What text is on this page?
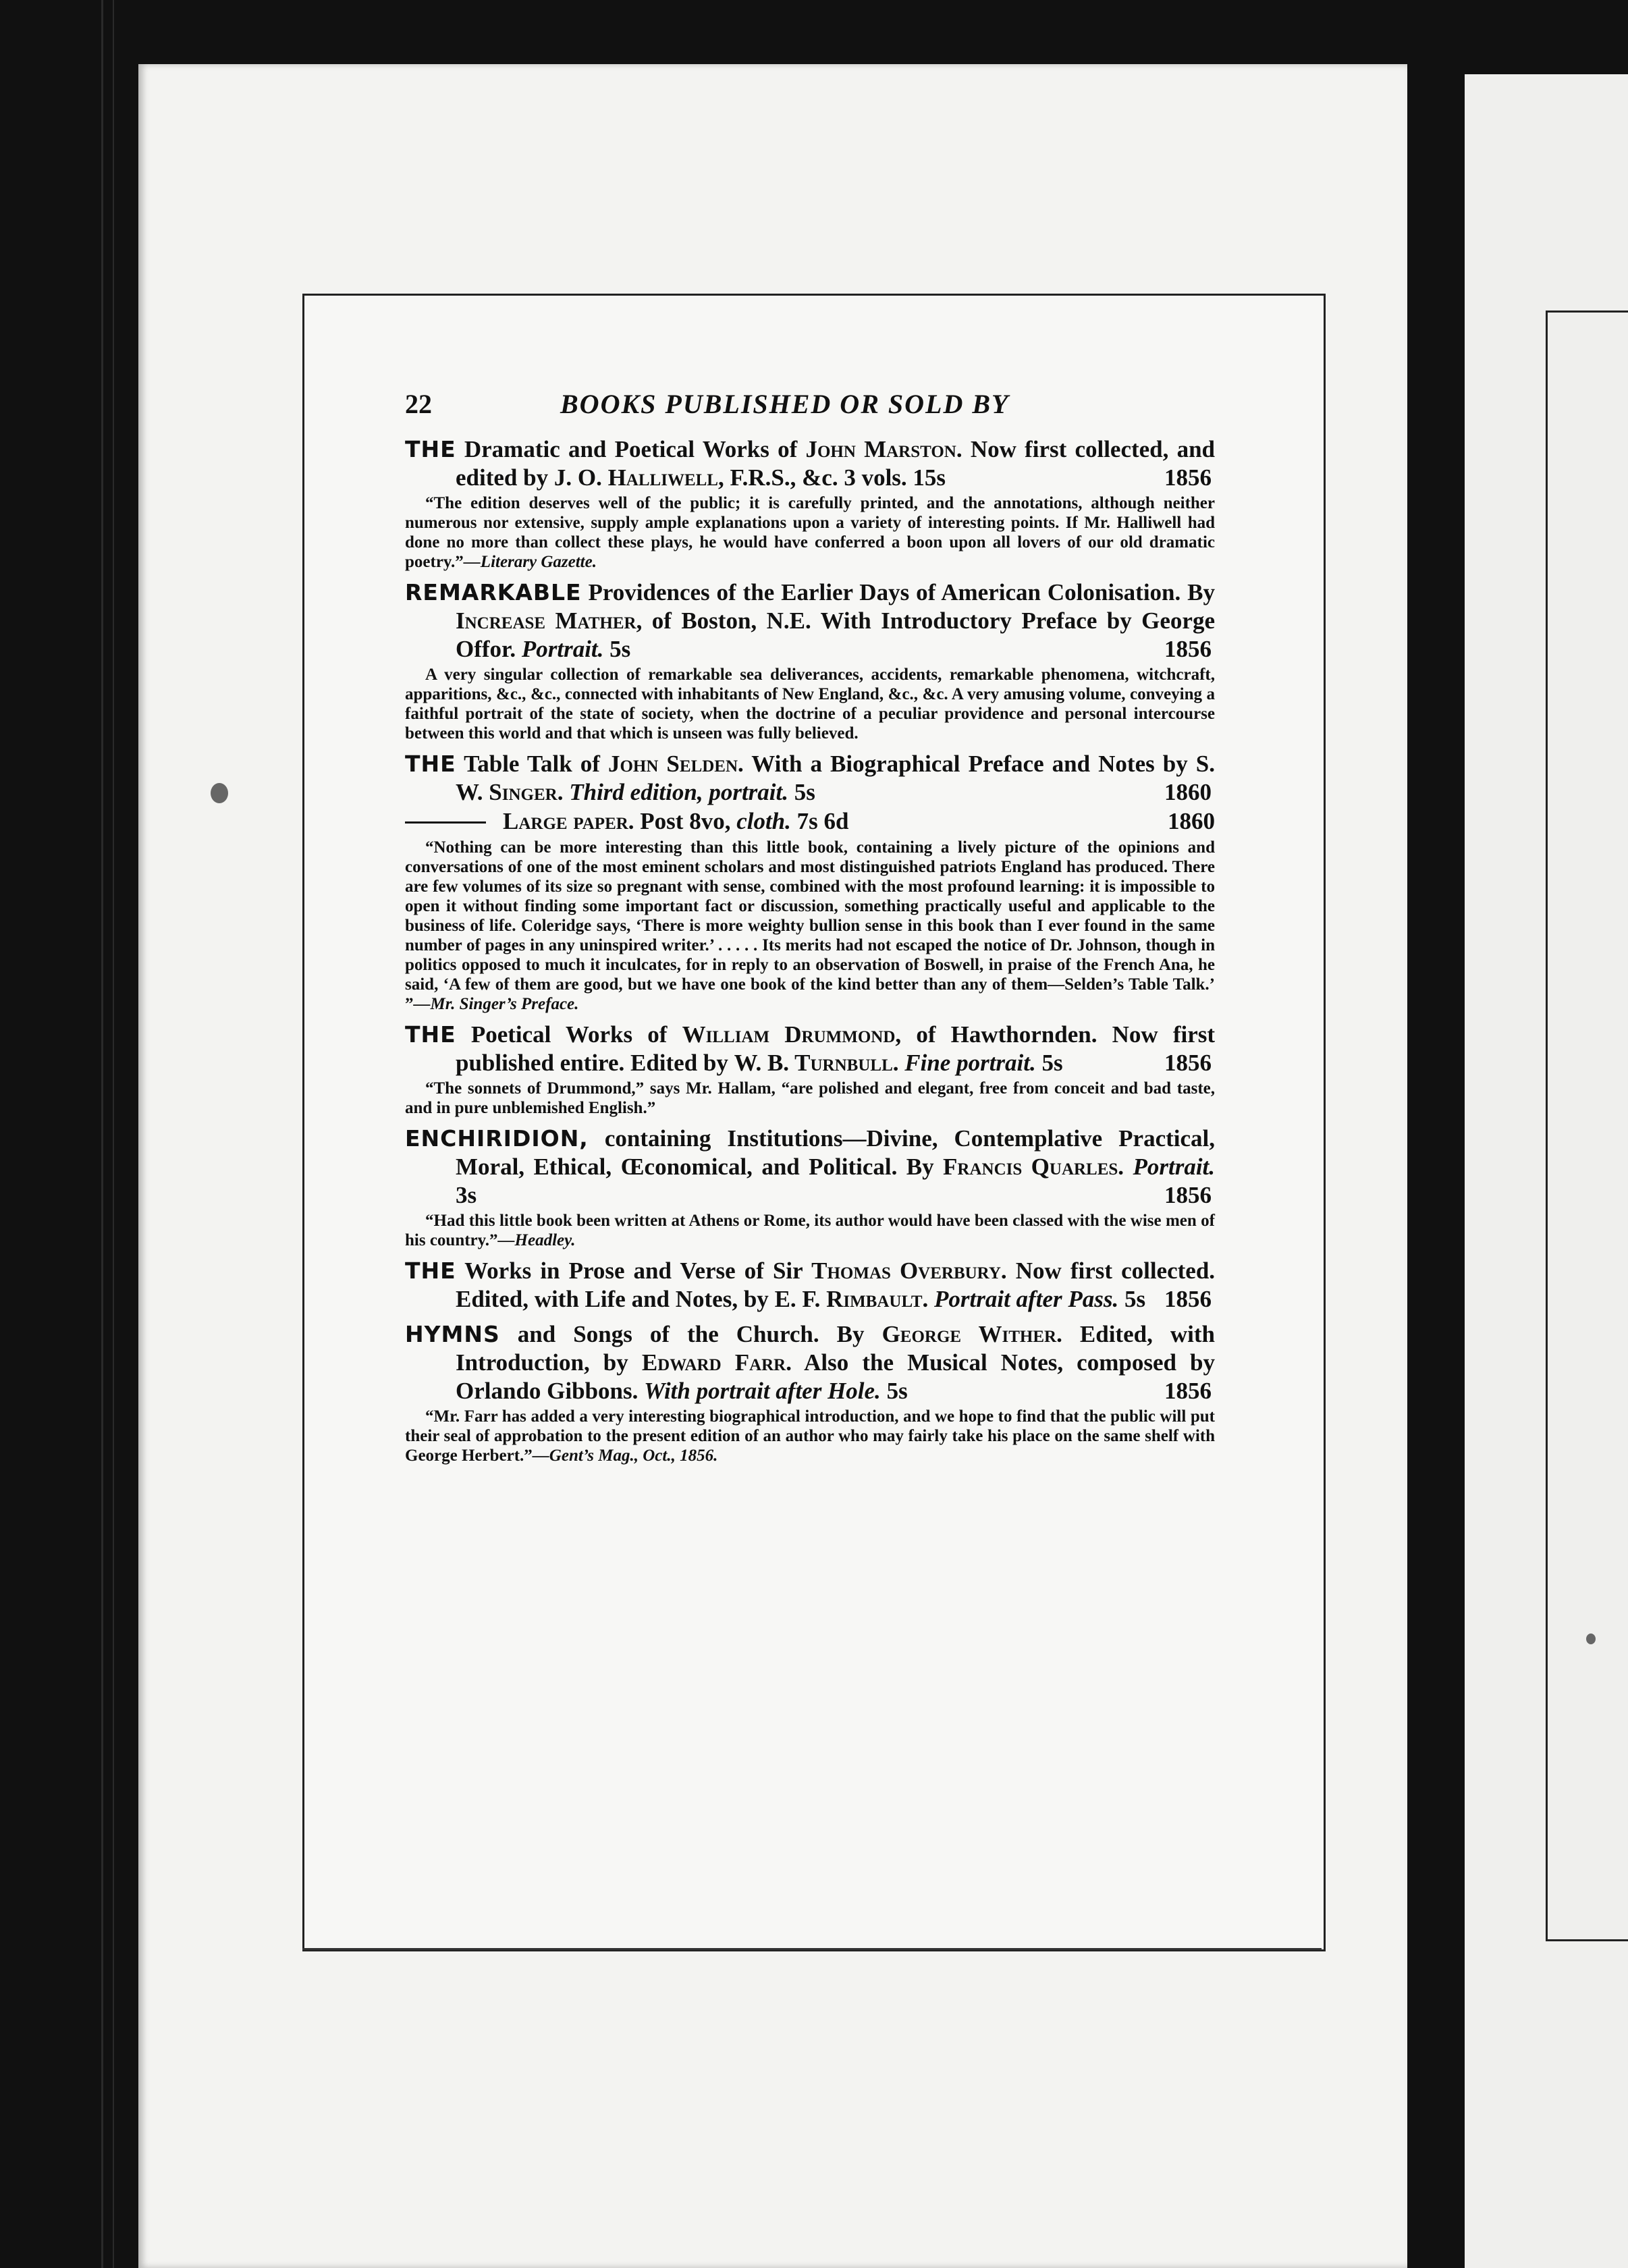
22	BOOKS PUBLISHED OR SOLD BY
THE Dramatic and Poetical Works of John Marston. Now first collected, and edited by J. O. Halliwell, F.R.S., &c. 3 vols. 15s	1856
“The edition deserves well of the public; it is carefully printed, and the annotations, although neither numerous nor extensive, supply ample explanations upon a variety of interesting points. If Mr. Halliwell had done no more than collect these plays, he would have conferred a boon upon all lovers of our old dramatic poetry.”—Literary Gazette.
REMARKABLE Providences of the Earlier Days of American Colonisation. By Increase Mather, of Boston, N.E. With Introductory Preface by George Offor. Portrait. 5s	1856
A very singular collection of remarkable sea deliverances, accidents, remarkable phenomena, witchcraft, apparitions, &c., &c., connected with inhabitants of New England, &c., &c. A very amusing volume, conveying a faithful portrait of the state of society, when the doctrine of a peculiar providence and personal intercourse between this world and that which is unseen was fully believed.
THE Table Talk of John Selden. With a Biographical Preface and Notes by S. W. Singer. Third edition, portrait. 5s	1860
Large paper. Post 8vo, cloth. 7s 6d	1860
“Nothing can be more interesting than this little book, containing a lively picture of the opinions and conversations of one of the most eminent scholars and most distinguished patriots England has produced. There are few volumes of its size so pregnant with sense, combined with the most profound learning: it is impossible to open it without finding some important fact or discussion, something practically useful and applicable to the business of life. Coleridge says, ‘There is more weighty bullion sense in this book than I ever found in the same number of pages in any uninspired writer.’ . . . . . Its merits had not escaped the notice of Dr. Johnson, though in politics opposed to much it inculcates, for in reply to an observation of Boswell, in praise of the French Ana, he said, ‘A few of them are good, but we have one book of the kind better than any of them—Selden’s Table Talk.’ ”—Mr. Singer’s Preface.
THE Poetical Works of William Drummond, of Hawthornden. Now first published entire. Edited by W. B. Turnbull. Fine portrait. 5s	1856
“The sonnets of Drummond,” says Mr. Hallam, “are polished and elegant, free from conceit and bad taste, and in pure unblemished English.”
ENCHIRIDION, containing Institutions—Divine, Contemplative Practical, Moral, Ethical, Œconomical, and Political. By Francis Quarles. Portrait. 3s	1856
“Had this little book been written at Athens or Rome, its author would have been classed with the wise men of his country.”—Headley.
THE Works in Prose and Verse of Sir Thomas Overbury. Now first collected. Edited, with Life and Notes, by E. F. Rimbault. Portrait after Pass. 5s 1856
HYMNS and Songs of the Church. By George Wither. Edited, with Introduction, by Edward Farr. Also the Musical Notes, composed by Orlando Gibbons. With portrait after Hole. 5s	1856
“Mr. Farr has added a very interesting biographical introduction, and we hope to find that the public will put their seal of approbation to the present edition of an author who may fairly take his place on the same shelf with George Herbert.”—Gent’s Mag., Oct., 1856.
